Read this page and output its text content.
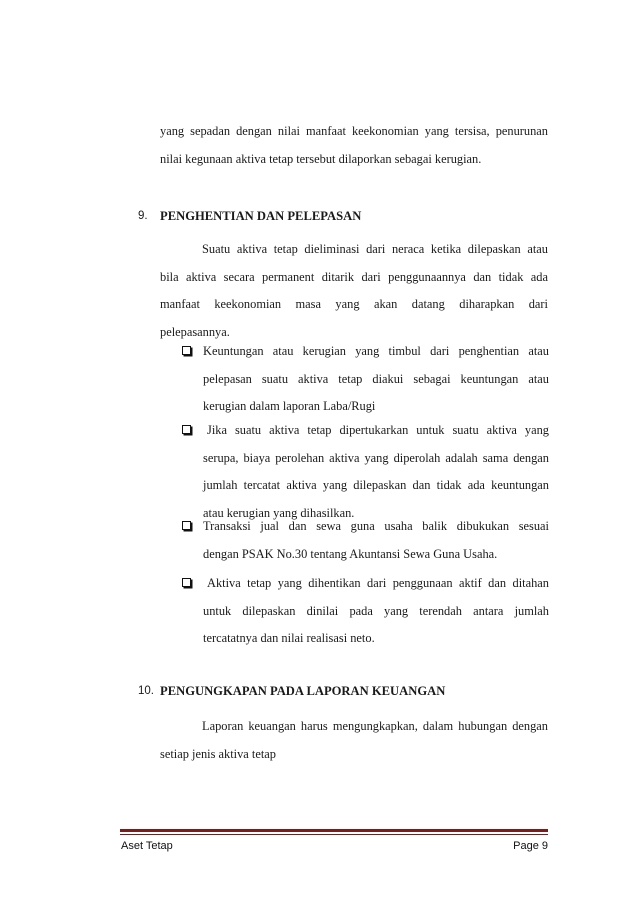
yang sepadan dengan nilai manfaat keekonomian yang tersisa, penurunan
nilai kegunaan aktiva tetap tersebut dilaporkan sebagai kerugian.
9. PENGHENTIAN DAN PELEPASAN
Suatu aktiva tetap dieliminasi dari neraca ketika dilepaskan atau
bila aktiva secara permanent ditarik dari penggunaannya dan tidak ada
manfaat keekonomian masa yang akan datang diharapkan dari
pelepasannya.
Keuntungan atau kerugian yang timbul dari penghentian atau
pelepasan suatu aktiva tetap diakui sebagai keuntungan atau
kerugian dalam laporan Laba/Rugi
Jika suatu aktiva tetap dipertukarkan untuk suatu aktiva yang
serupa, biaya perolehan aktiva yang diperolah adalah sama dengan
jumlah tercatat aktiva yang dilepaskan dan tidak ada keuntungan
atau kerugian yang dihasilkan.
Transaksi jual dan sewa guna usaha balik dibukukan sesuai
dengan PSAK No.30 tentang Akuntansi Sewa Guna Usaha.
Aktiva tetap yang dihentikan dari penggunaan aktif dan ditahan
untuk dilepaskan dinilai pada yang terendah antara jumlah
tercatatnya dan nilai realisasi neto.
10. PENGUNGKAPAN PADA LAPORAN KEUANGAN
Laporan keuangan harus mengungkapkan, dalam hubungan dengan
setiap jenis aktiva tetap
Aset Tetap	Page 9
